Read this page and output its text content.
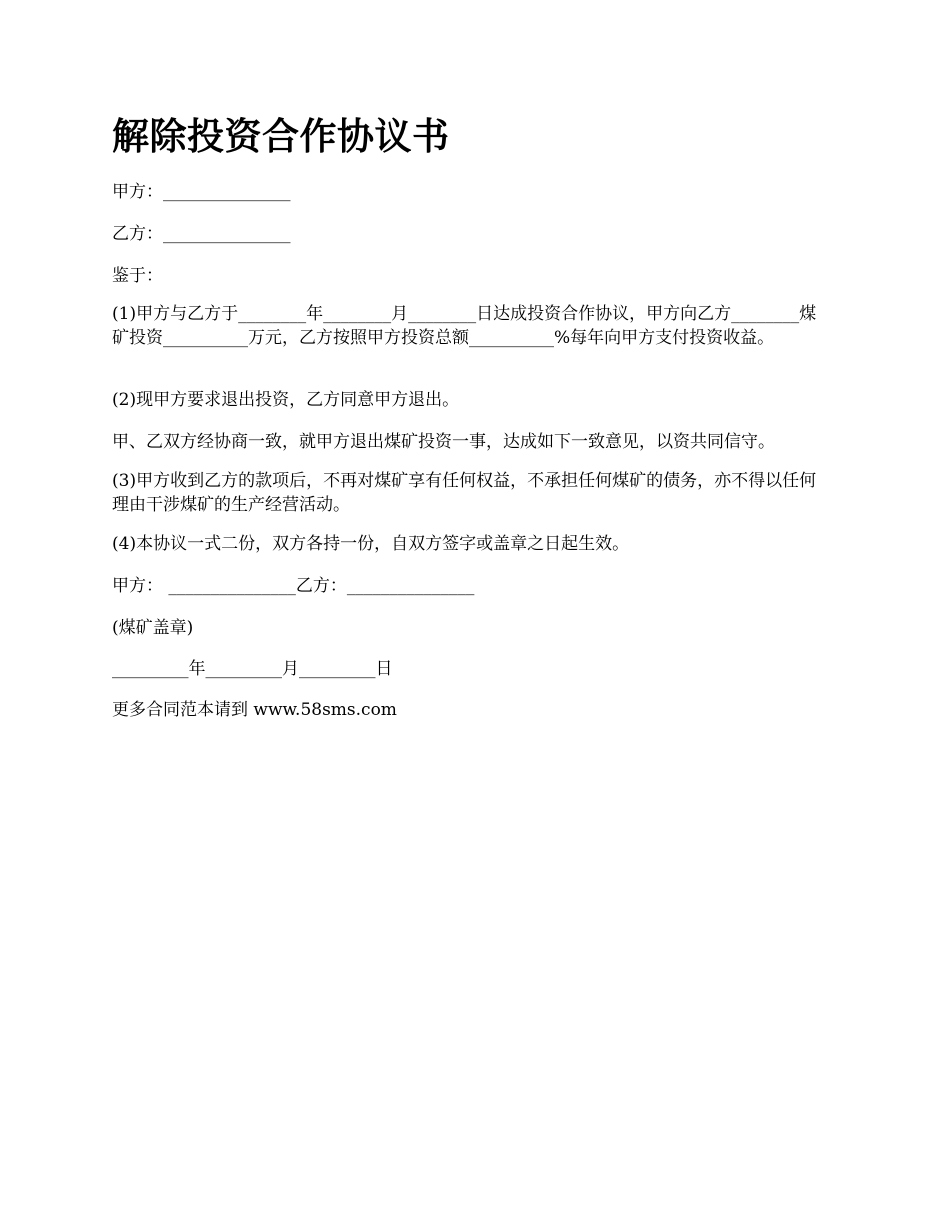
解除投资合作协议书

甲方：_______________

乙方：_______________

鉴于：

(1)甲方与乙方于________年________月________日达成投资合作协议，甲方向乙方________煤矿投资__________万元，乙方按照甲方投资总额__________%每年向甲方支付投资收益。

(2)现甲方要求退出投资，乙方同意甲方退出。

甲、乙双方经协商一致，就甲方退出煤矿投资一事，达成如下一致意见，以资共同信守。

(3)甲方收到乙方的款项后，不再对煤矿享有任何权益，不承担任何煤矿的债务，亦不得以任何理由干涉煤矿的生产经营活动。

(4)本协议一式二份，双方各持一份，自双方签字或盖章之日起生效。

甲方： _______________乙方：_______________

(煤矿盖章)

_________年_________月_________日

更多合同范本请到 www.58sms.com
